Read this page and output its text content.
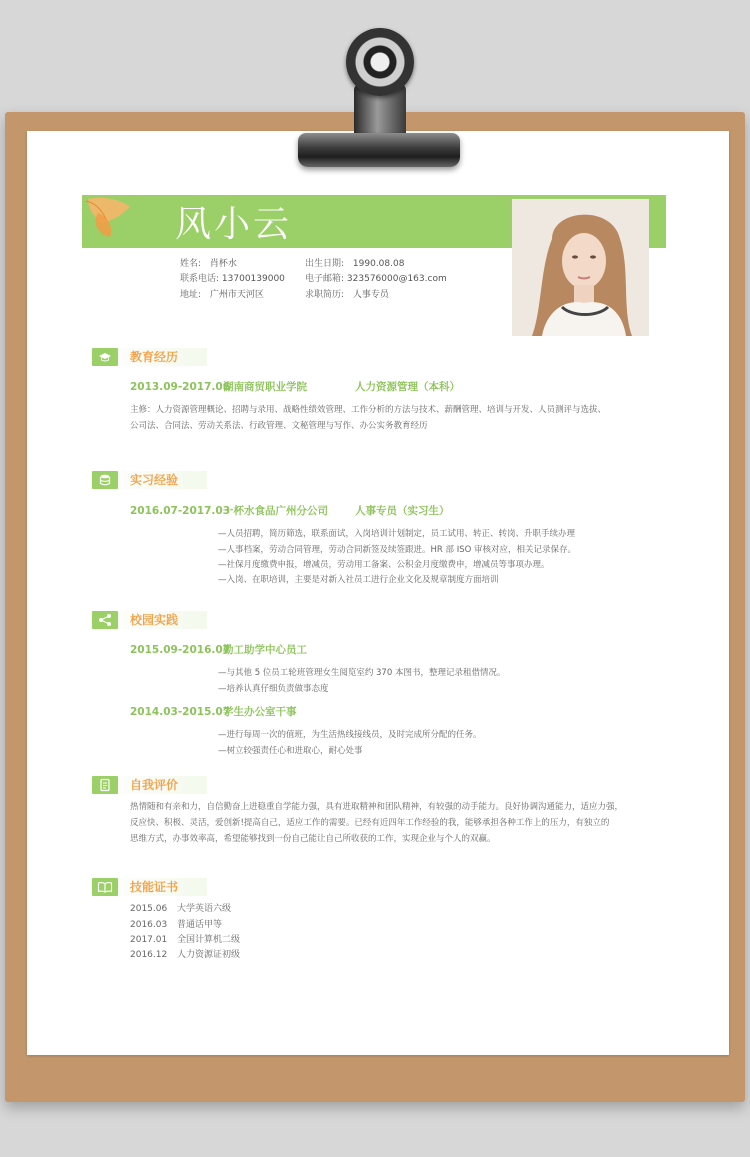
风小云
姓名: 肖杯水	出生日期: 1990.08.08
联系电话: 13700139000 电子邮箱: 323576000@163.com
地址: 广州市天河区	求职简历: 人事专员
教育经历
2013.09-2017.06
湖南商贸职业学院	人力资源管理（本科）
主修：人力资源管理概论、招聘与录用、战略性绩效管理、工作分析的方法与技术、薪酬管理、培训与开发、人员测评与选拔、
公司法、合同法、劳动关系法、行政管理、文秘管理与写作、办公实务教育经历
实习经验
2016.07-2017.03
一杯水食品广州分公司	人事专员（实习生）
—人员招聘，简历筛选，联系面试，入岗培训计划制定，员工试用、转正、转岗、升职手续办理
—人事档案，劳动合同管理，劳动合同新签及续签跟进。HR 部 ISO 审核对应，相关记录保存。
—社保月度缴费申报，增减员，劳动用工备案、公积金月度缴费申，增减员等事项办理。
—入岗、在职培训，主要是对新入社员工进行企业文化及规章制度方面培训
校园实践
2015.09-2016.07
勤工助学中心员工
—与其他 5 位员工轮班管理女生阅览室约 370 本图书，整理记录租借情况。
—培养认真仔细负责做事态度
2014.03-2015.07
学生办公室干事
—进行每周一次的值班，为生活热线接线员，及时完成所分配的任务。
—树立较强责任心和进取心，耐心处事
自我评价
热情随和有亲和力，自信勤奋上进稳重自学能力强，具有进取精神和团队精神，有较强的动手能力。良好协调沟通能力，适应力强，
反应快、积极、灵活，爱创新!提高自己，适应工作的需要。已经有近四年工作经验的我，能够承担各种工作上的压力，有独立的
思维方式，办事效率高，希望能够找到一份自己能让自己所收获的工作，实现企业与个人的双赢。
技能证书
2015.06 大学英语六级
2016.03 普通话甲等
2017.01 全国计算机二级
2016.12 人力资源证初级
